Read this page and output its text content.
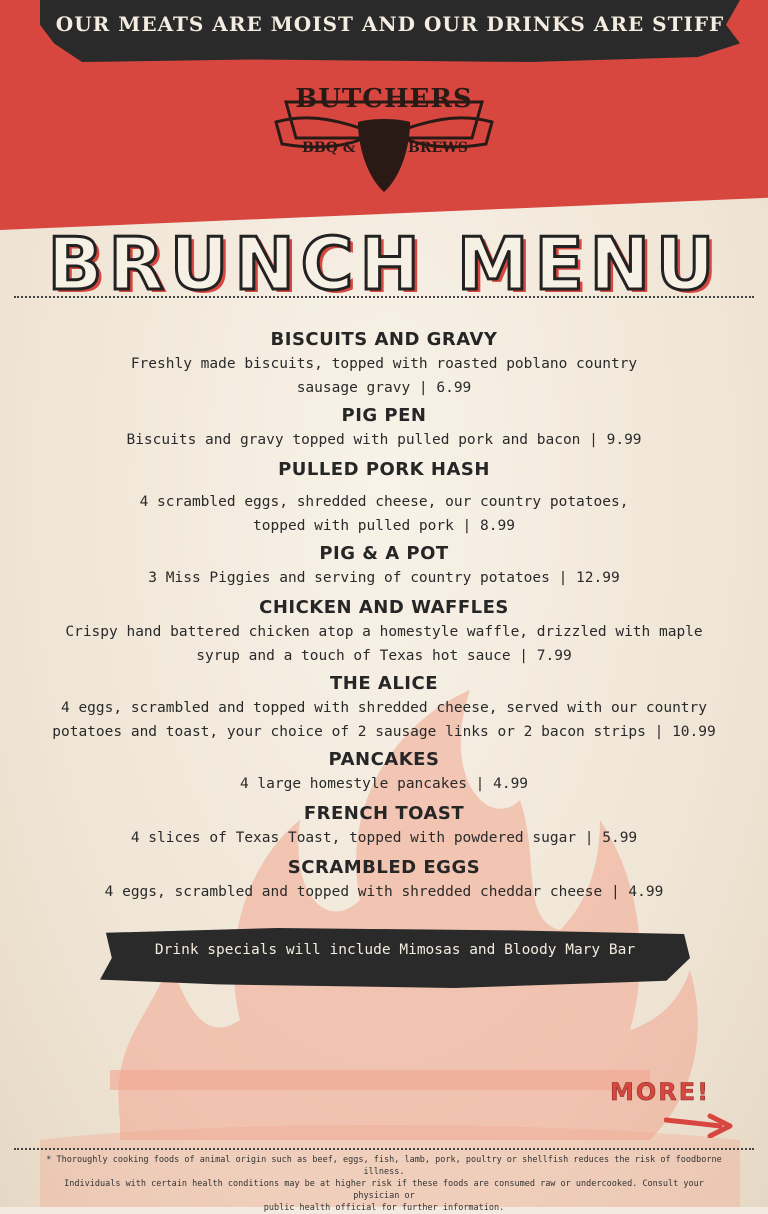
OUR MEATS ARE MOIST AND OUR DRINKS ARE STIFF

BUTCHERS

BBQ &	BREWS

BRUNCH MENU

BISCUITS AND GRAVY

Freshly made biscuits, topped with roasted poblano country

sausage gravy | 6.99

PIG PEN

Biscuits and gravy topped with pulled pork and bacon | 9.99

PULLED PORK HASH

4 scrambled eggs, shredded cheese, our country potatoes,

topped with pulled pork | 8.99

PIG & A POT

3 Miss Piggies and serving of country potatoes | 12.99

CHICKEN AND WAFFLES

Crispy hand battered chicken atop a homestyle waffle, drizzled with maple

syrup and a touch of Texas hot sauce | 7.99

THE ALICE

4 eggs, scrambled and topped with shredded cheese, served with our country

potatoes and toast, your choice of 2 sausage links or 2 bacon strips | 10.99

PANCAKES

4 large homestyle pancakes | 4.99

FRENCH TOAST

4 slices of Texas Toast, topped with powdered sugar | 5.99

SCRAMBLED EGGS

4 eggs, scrambled and topped with shredded cheddar cheese | 4.99

Drink specials will include Mimosas and Bloody Mary Bar

MORE!

* Thoroughly cooking foods of animal origin such as beef, eggs, fish, lamb, pork, poultry or shellfish reduces the risk of foodborne illness.
Individuals with certain health conditions may be at higher risk if these foods are consumed raw or undercooked. Consult your physician or
public health official for further information.
